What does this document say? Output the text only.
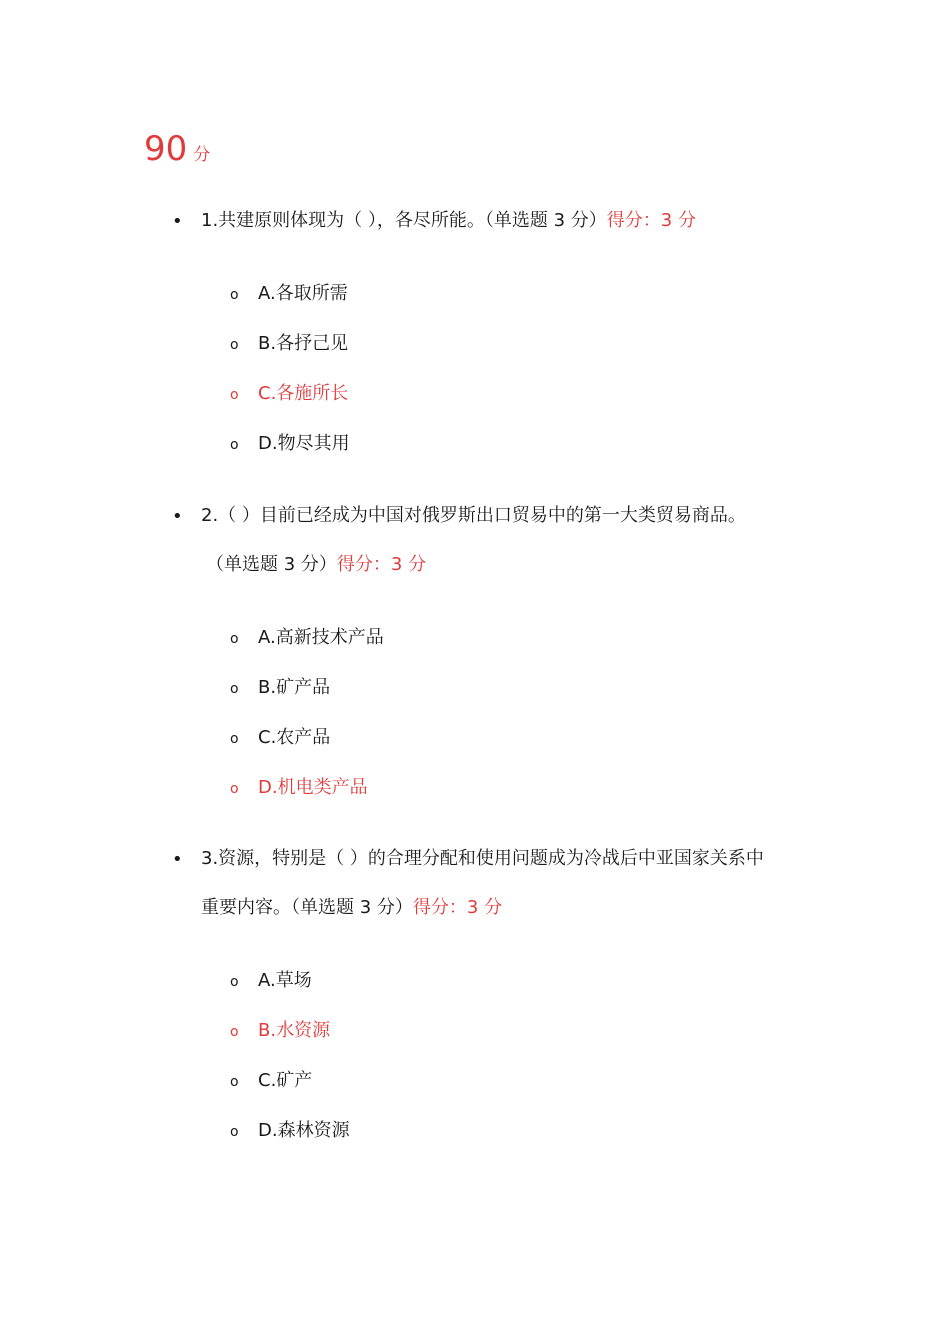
90 分
• 1.共建原则体现为（ ），各尽所能。（单选题 3 分）得分：3 分
o A.各取所需
o B.各抒己见
o C.各施所长
o D.物尽其用
• 2.（ ）目前已经成为中国对俄罗斯出口贸易中的第一大类贸易商品。
（单选题 3 分）得分：3 分
o A.高新技术产品
o B.矿产品
o C.农产品
o D.机电类产品
• 3.资源，特别是（ ）的合理分配和使用问题成为冷战后中亚国家关系中
重要内容。（单选题 3 分）得分：3 分
o A.草场
o B.水资源
o C.矿产
o D.森林资源
